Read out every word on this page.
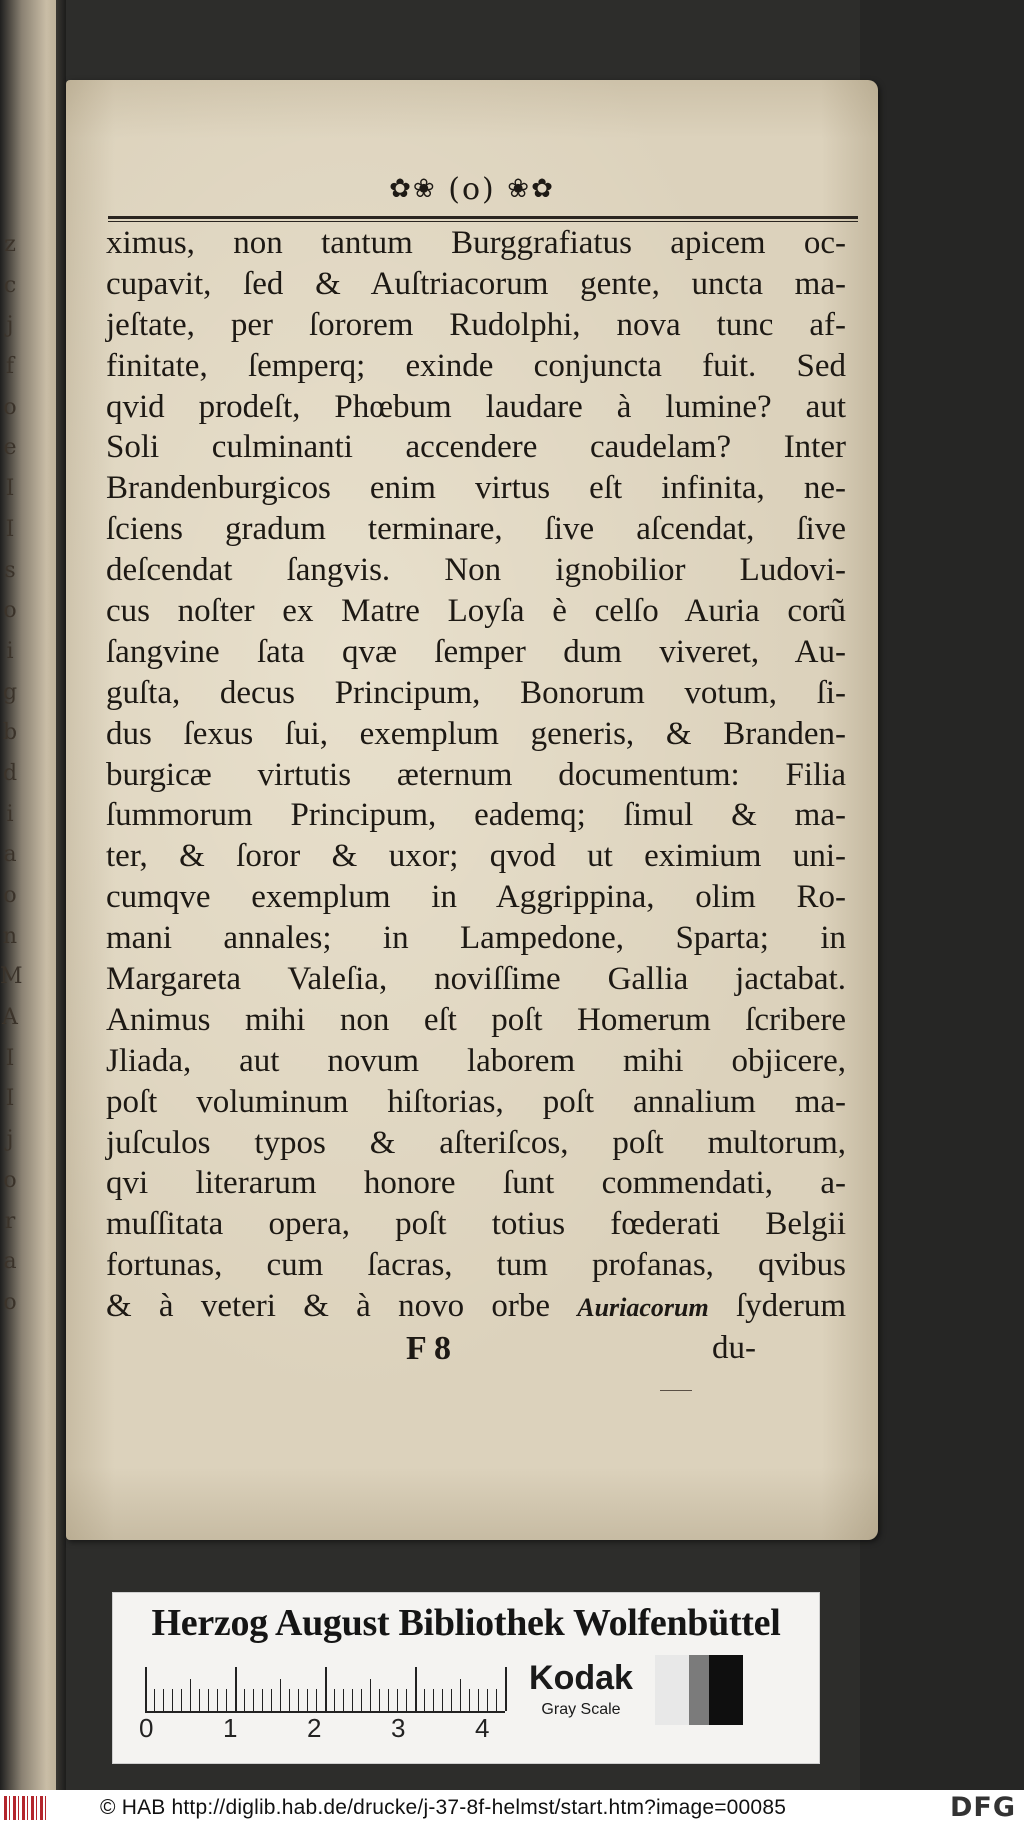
z
c
j
f
o
e
I
I
s
o
i
g
b
d
i
a
o
n
M
A
I
I
j
o
r
a
o
✿❀ (o) ❀✿
ximus, non tantum Burggrafiatus apicem oc-
cupavit, ſed & Auſtriacorum gente, uncta ma-
jeſtate, per ſororem Rudolphi, nova tunc af-
finitate, ſemperq; exinde conjuncta fuit. Sed
qvid prodeſt, Phœbum laudare à lumine? aut
Soli culminanti accendere caudelam? Inter
Brandenburgicos enim virtus eſt infinita, ne-
ſciens gradum terminare, ſive aſcendat, ſive
deſcendat ſangvis. Non ignobilior Ludovi-
cus noſter ex Matre Loyſa è celſo Auria corũ
ſangvine ſata qvæ ſemper dum viveret, Au-
guſta, decus Principum, Bonorum votum, ſi-
dus ſexus ſui, exemplum generis, & Branden-
burgicæ virtutis æternum documentum: Filia
ſummorum Principum, eademq; ſimul & ma-
ter, & ſoror & uxor; qvod ut eximium uni-
cumqve exemplum in Aggrippina, olim Ro-
mani annales; in Lampedone, Sparta; in
Margareta Valeſia, noviſſime Gallia jactabat.
Animus mihi non eſt poſt Homerum ſcribere
Jliada, aut novum laborem mihi objicere,
poſt voluminum hiſtorias, poſt annalium ma-
juſculos typos & aſteriſcos, poſt multorum,
qvi literarum honore ſunt commendati, a-
muſſitata opera, poſt totius fœderati Belgii
fortunas, cum ſacras, tum profanas, qvibus
& à veteri & à novo orbe Auriacorum ſyderum
F 8	du-
Herzog August Bibliothek Wolfenbüttel
0	1	2	3	4
Kodak
Gray Scale
© HAB http://diglib.hab.de/drucke/j-37-8f-helmst/start.htm?image=00085	DFG
